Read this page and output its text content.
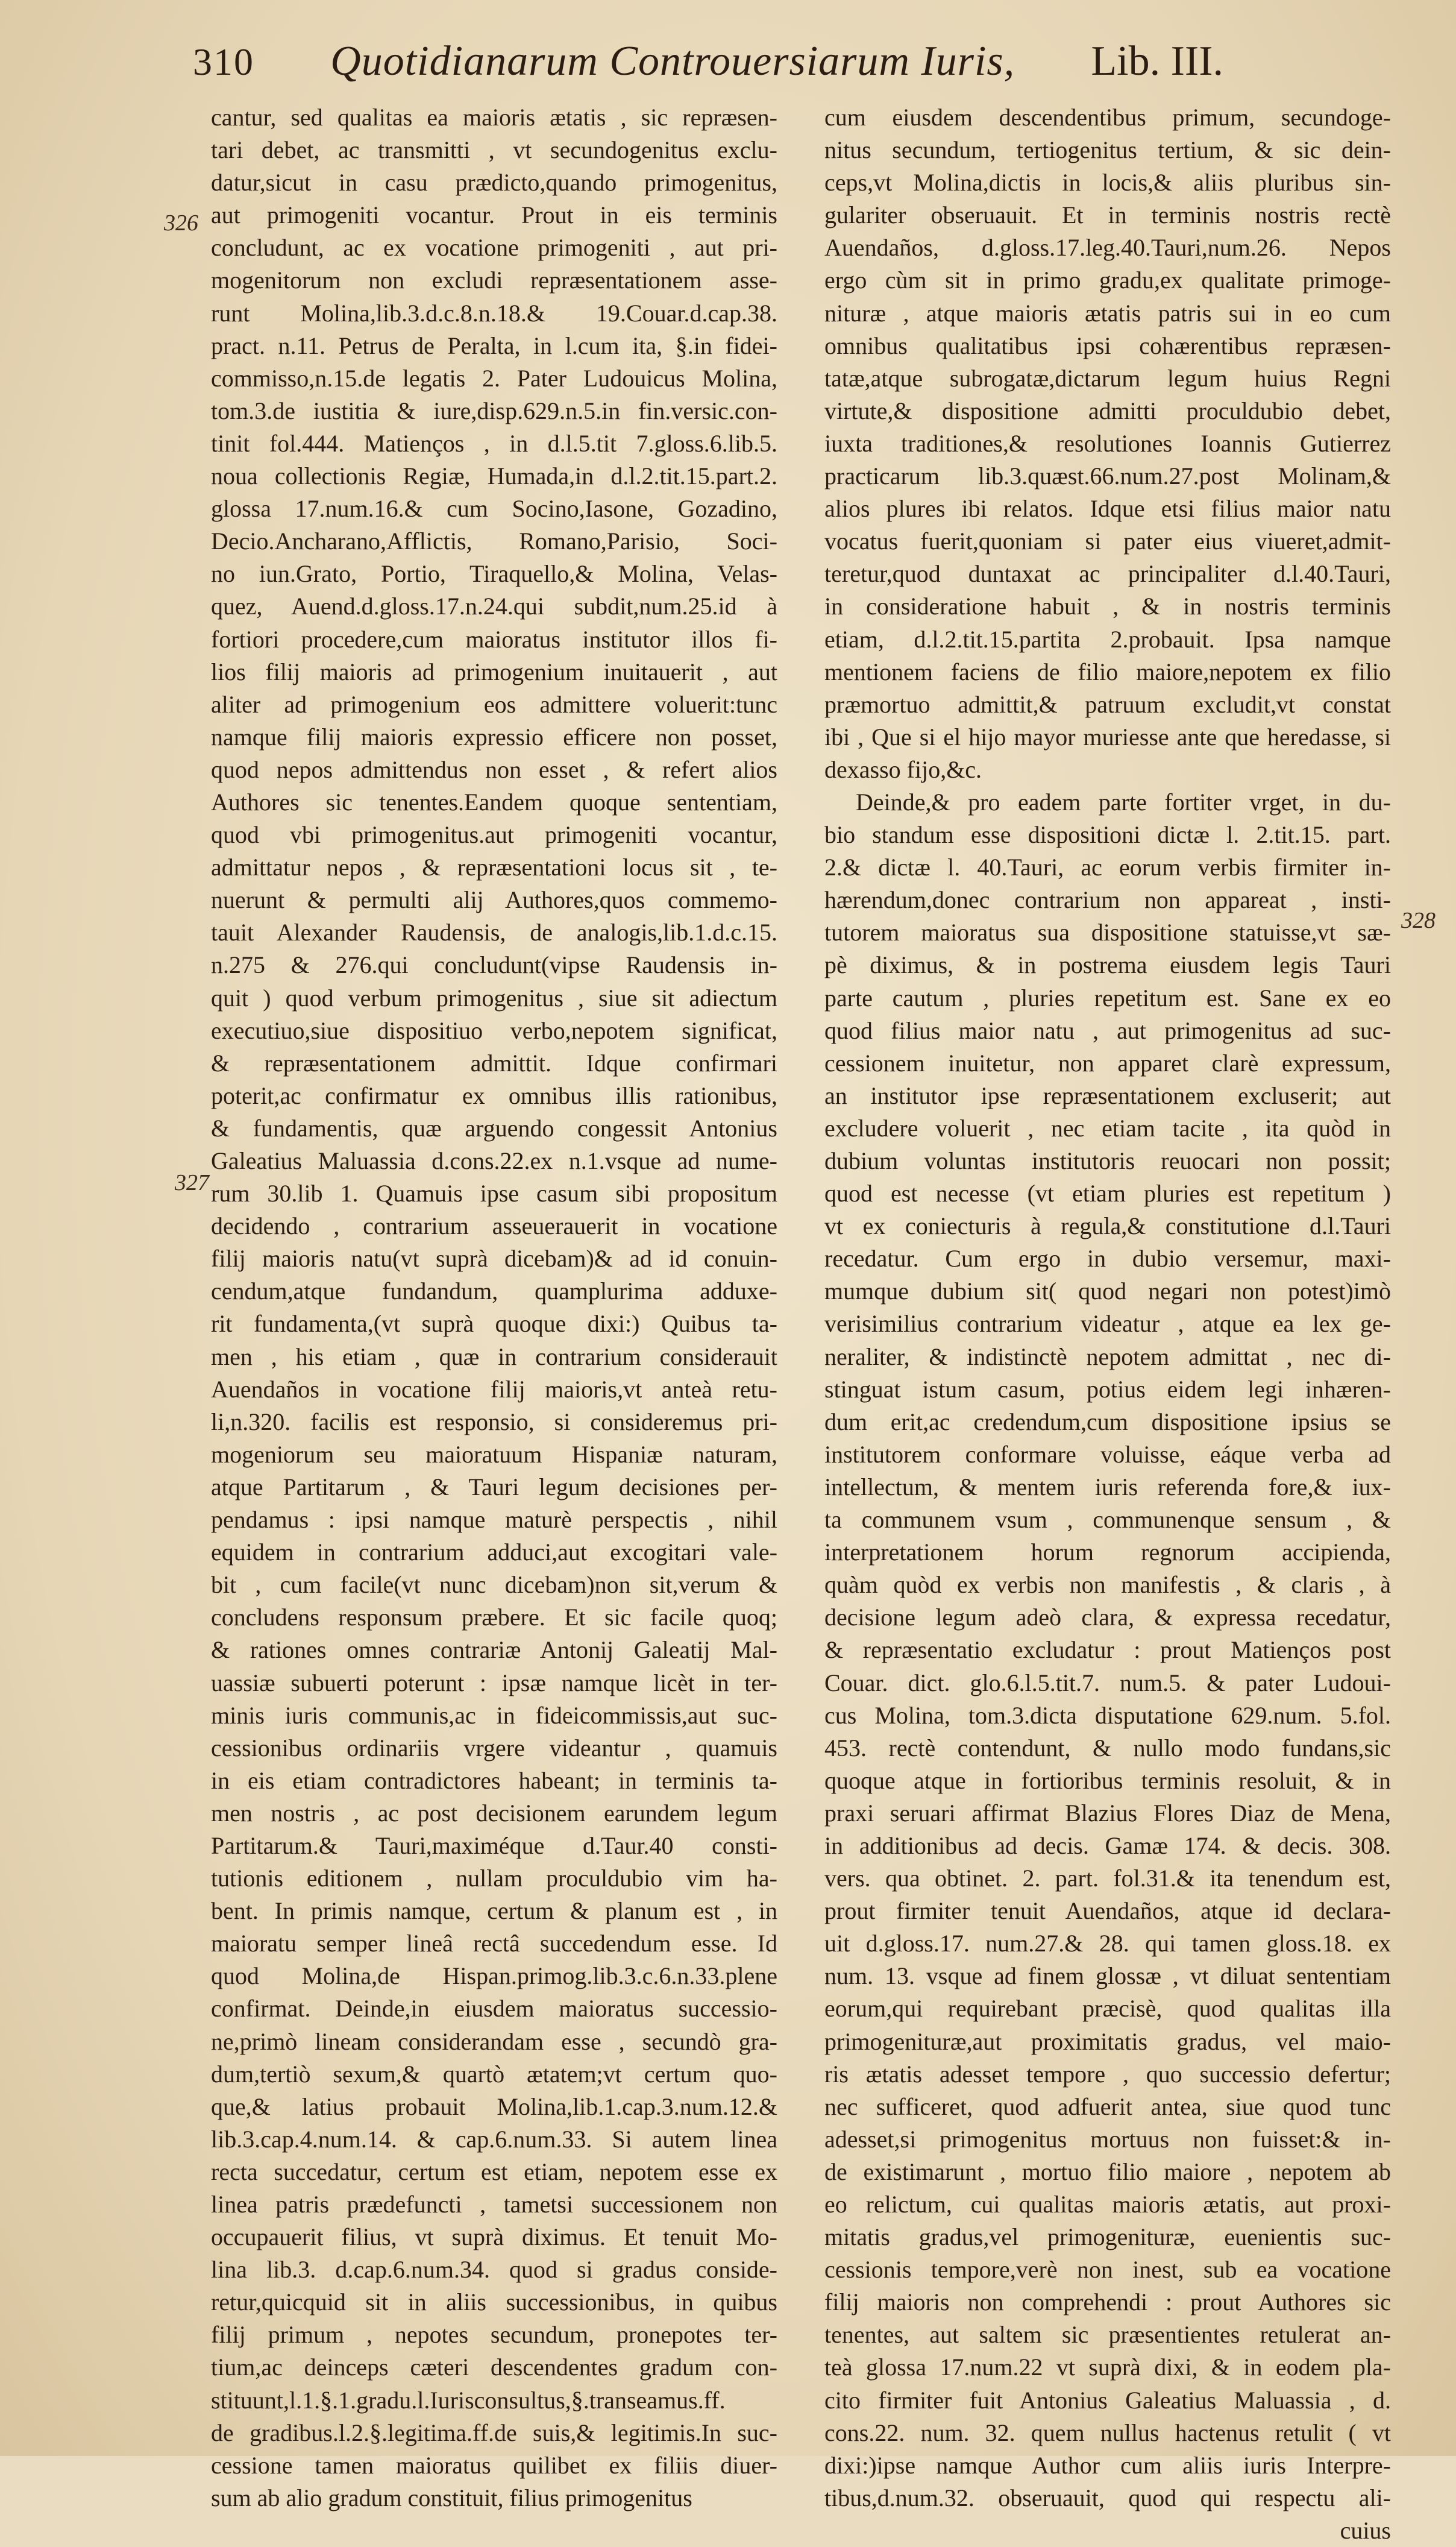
310 Quotidianarum Controuersiarum Iuris, Lib. III.
326
327
328
cantur, sed qualitas ea maioris ætatis , sic repræsen-
tari debet, ac transmitti , vt secundogenitus exclu-
datur,sicut in casu prædicto,quando primogenitus,
aut primogeniti vocantur. Prout in eis terminis
concludunt, ac ex vocatione primogeniti , aut pri-
mogenitorum non excludi repræsentationem asse-
runt Molina,lib.3.d.c.8.n.18.& 19.Couar.d.cap.38.
pract. n.11. Petrus de Peralta, in l.cum ita, §.in fidei-
commisso,n.15.de legatis 2. Pater Ludouicus Molina,
tom.3.de iustitia & iure,disp.629.n.5.in fin.versic.con-
tinit fol.444. Matienços , in d.l.5.tit 7.gloss.6.lib.5.
noua collectionis Regiæ, Humada,in d.l.2.tit.15.part.2.
glossa 17.num.16.& cum Socino,Iasone, Gozadino,
Decio.Ancharano,Afflictis, Romano,Parisio, Soci-
no iun.Grato, Portio, Tiraquello,& Molina, Velas-
quez, Auend.d.gloss.17.n.24.qui subdit,num.25.id à
fortiori procedere,cum maioratus institutor illos fi-
lios filij maioris ad primogenium inuitauerit , aut
aliter ad primogenium eos admittere voluerit:tunc
namque filij maioris expressio efficere non posset,
quod nepos admittendus non esset , & refert alios
Authores sic tenentes.Eandem quoque sententiam,
quod vbi primogenitus.aut primogeniti vocantur,
admittatur nepos , & repræsentationi locus sit , te-
nuerunt & permulti alij Authores,quos commemo-
tauit Alexander Raudensis, de analogis,lib.1.d.c.15.
n.275 & 276.qui concludunt(vipse Raudensis in-
quit ) quod verbum primogenitus , siue sit adiectum
executiuo,siue dispositiuo verbo,nepotem significat,
& repræsentationem admittit. Idque confirmari
poterit,ac confirmatur ex omnibus illis rationibus,
& fundamentis, quæ arguendo congessit Antonius
Galeatius Maluassia d.cons.22.ex n.1.vsque ad nume-
rum 30.lib 1. Quamuis ipse casum sibi propositum
decidendo , contrarium asseuerauerit in vocatione
filij maioris natu(vt suprà dicebam)& ad id conuin-
cendum,atque fundandum, quamplurima adduxe-
rit fundamenta,(vt suprà quoque dixi:) Quibus ta-
men , his etiam , quæ in contrarium considerauit
Auendaños in vocatione filij maioris,vt anteà retu-
li,n.320. facilis est responsio, si consideremus pri-
mogeniorum seu maioratuum Hispaniæ naturam,
atque Partitarum , & Tauri legum decisiones per-
pendamus : ipsi namque maturè perspectis , nihil
equidem in contrarium adduci,aut excogitari vale-
bit , cum facile(vt nunc dicebam)non sit,verum &
concludens responsum præbere. Et sic facile quoq;
& rationes omnes contrariæ Antonij Galeatij Mal-
uassiæ subuerti poterunt : ipsæ namque licèt in ter-
minis iuris communis,ac in fideicommissis,aut suc-
cessionibus ordinariis vrgere videantur , quamuis
in eis etiam contradictores habeant; in terminis ta-
men nostris , ac post decisionem earundem legum
Partitarum.& Tauri,maximéque d.Taur.40 consti-
tutionis editionem , nullam proculdubio vim ha-
bent. In primis namque, certum & planum est , in
maioratu semper lineâ rectâ succedendum esse. Id
quod Molina,de Hispan.primog.lib.3.c.6.n.33.plene
confirmat. Deinde,in eiusdem maioratus successio-
ne,primò lineam considerandam esse , secundò gra-
dum,tertiò sexum,& quartò ætatem;vt certum quo-
que,& latius probauit Molina,lib.1.cap.3.num.12.&
lib.3.cap.4.num.14. & cap.6.num.33. Si autem linea
recta succedatur, certum est etiam, nepotem esse ex
linea patris prædefuncti , tametsi successionem non
occupauerit filius, vt suprà diximus. Et tenuit Mo-
lina lib.3. d.cap.6.num.34. quod si gradus conside-
retur,quicquid sit in aliis successionibus, in quibus
filij primum , nepotes secundum, pronepotes ter-
tium,ac deinceps cæteri descendentes gradum con-
stituunt,l.1.§.1.gradu.l.Iurisconsultus,§.transeamus.ff.
de gradibus.l.2.§.legitima.ff.de suis,& legitimis.In suc-
cessione tamen maioratus quilibet ex filiis diuer-
sum ab alio gradum constituit, filius primogenitus
cum eiusdem descendentibus primum, secundoge-
nitus secundum, tertiogenitus tertium, & sic dein-
ceps,vt Molina,dictis in locis,& aliis pluribus sin-
gulariter obseruauit. Et in terminis nostris rectè
Auendaños, d.gloss.17.leg.40.Tauri,num.26. Nepos
ergo cùm sit in primo gradu,ex qualitate primoge-
nituræ , atque maioris ætatis patris sui in eo cum
omnibus qualitatibus ipsi cohærentibus repræsen-
tatæ,atque subrogatæ,dictarum legum huius Regni
virtute,& dispositione admitti proculdubio debet,
iuxta traditiones,& resolutiones Ioannis Gutierrez
practicarum lib.3.quæst.66.num.27.post Molinam,&
alios plures ibi relatos. Idque etsi filius maior natu
vocatus fuerit,quoniam si pater eius viueret,admit-
teretur,quod duntaxat ac principaliter d.l.40.Tauri,
in consideratione habuit , & in nostris terminis
etiam, d.l.2.tit.15.partita 2.probauit. Ipsa namque
mentionem faciens de filio maiore,nepotem ex filio
præmortuo admittit,& patruum excludit,vt constat
ibi , Que si el hijo mayor muriesse ante que heredasse, si
dexasso fijo,&c.
Deinde,& pro eadem parte fortiter vrget, in du-
bio standum esse dispositioni dictæ l. 2.tit.15. part.
2.& dictæ l. 40.Tauri, ac eorum verbis firmiter in-
hærendum,donec contrarium non appareat , insti-
tutorem maioratus sua dispositione statuisse,vt sæ-
pè diximus, & in postrema eiusdem legis Tauri
parte cautum , pluries repetitum est. Sane ex eo
quod filius maior natu , aut primogenitus ad suc-
cessionem inuitetur, non apparet clarè expressum,
an institutor ipse repræsentationem excluserit; aut
excludere voluerit , nec etiam tacite , ita quòd in
dubium voluntas institutoris reuocari non possit;
quod est necesse (vt etiam pluries est repetitum )
vt ex coniecturis à regula,& constitutione d.l.Tauri
recedatur. Cum ergo in dubio versemur, maxi-
mumque dubium sit( quod negari non potest)imò
verisimilius contrarium videatur , atque ea lex ge-
neraliter, & indistinctè nepotem admittat , nec di-
stinguat istum casum, potius eidem legi inhæren-
dum erit,ac credendum,cum dispositione ipsius se
institutorem conformare voluisse, eáque verba ad
intellectum, & mentem iuris referenda fore,& iux-
ta communem vsum , communenque sensum , &
interpretationem horum regnorum accipienda,
quàm quòd ex verbis non manifestis , & claris , à
decisione legum adeò clara, & expressa recedatur,
& repræsentatio excludatur : prout Matienços post
Couar. dict. glo.6.l.5.tit.7. num.5. & pater Ludoui-
cus Molina, tom.3.dicta disputatione 629.num. 5.fol.
453. rectè contendunt, & nullo modo fundans,sic
quoque atque in fortioribus terminis resoluit, & in
praxi seruari affirmat Blazius Flores Diaz de Mena,
in additionibus ad decis. Gamæ 174. & decis. 308.
vers. qua obtinet. 2. part. fol.31.& ita tenendum est,
prout firmiter tenuit Auendaños, atque id declara-
uit d.gloss.17. num.27.& 28. qui tamen gloss.18. ex
num. 13. vsque ad finem glossæ , vt diluat sententiam
eorum,qui requirebant præcisè, quod qualitas illa
primogenituræ,aut proximitatis gradus, vel maio-
ris ætatis adesset tempore , quo successio defertur;
nec sufficeret, quod adfuerit antea, siue quod tunc
adesset,si primogenitus mortuus non fuisset:& in-
de existimarunt , mortuo filio maiore , nepotem ab
eo relictum, cui qualitas maioris ætatis, aut proxi-
mitatis gradus,vel primogenituræ, euenientis suc-
cessionis tempore,verè non inest, sub ea vocatione
filij maioris non comprehendi : prout Authores sic
tenentes, aut saltem sic præsentientes retulerat an-
teà glossa 17.num.22 vt suprà dixi, & in eodem pla-
cito firmiter fuit Antonius Galeatius Maluassia , d.
cons.22. num. 32. quem nullus hactenus retulit ( vt
dixi:)ipse namque Author cum aliis iuris Interpre-
tibus,d.num.32. obseruauit, quod qui respectu ali-
cuius
